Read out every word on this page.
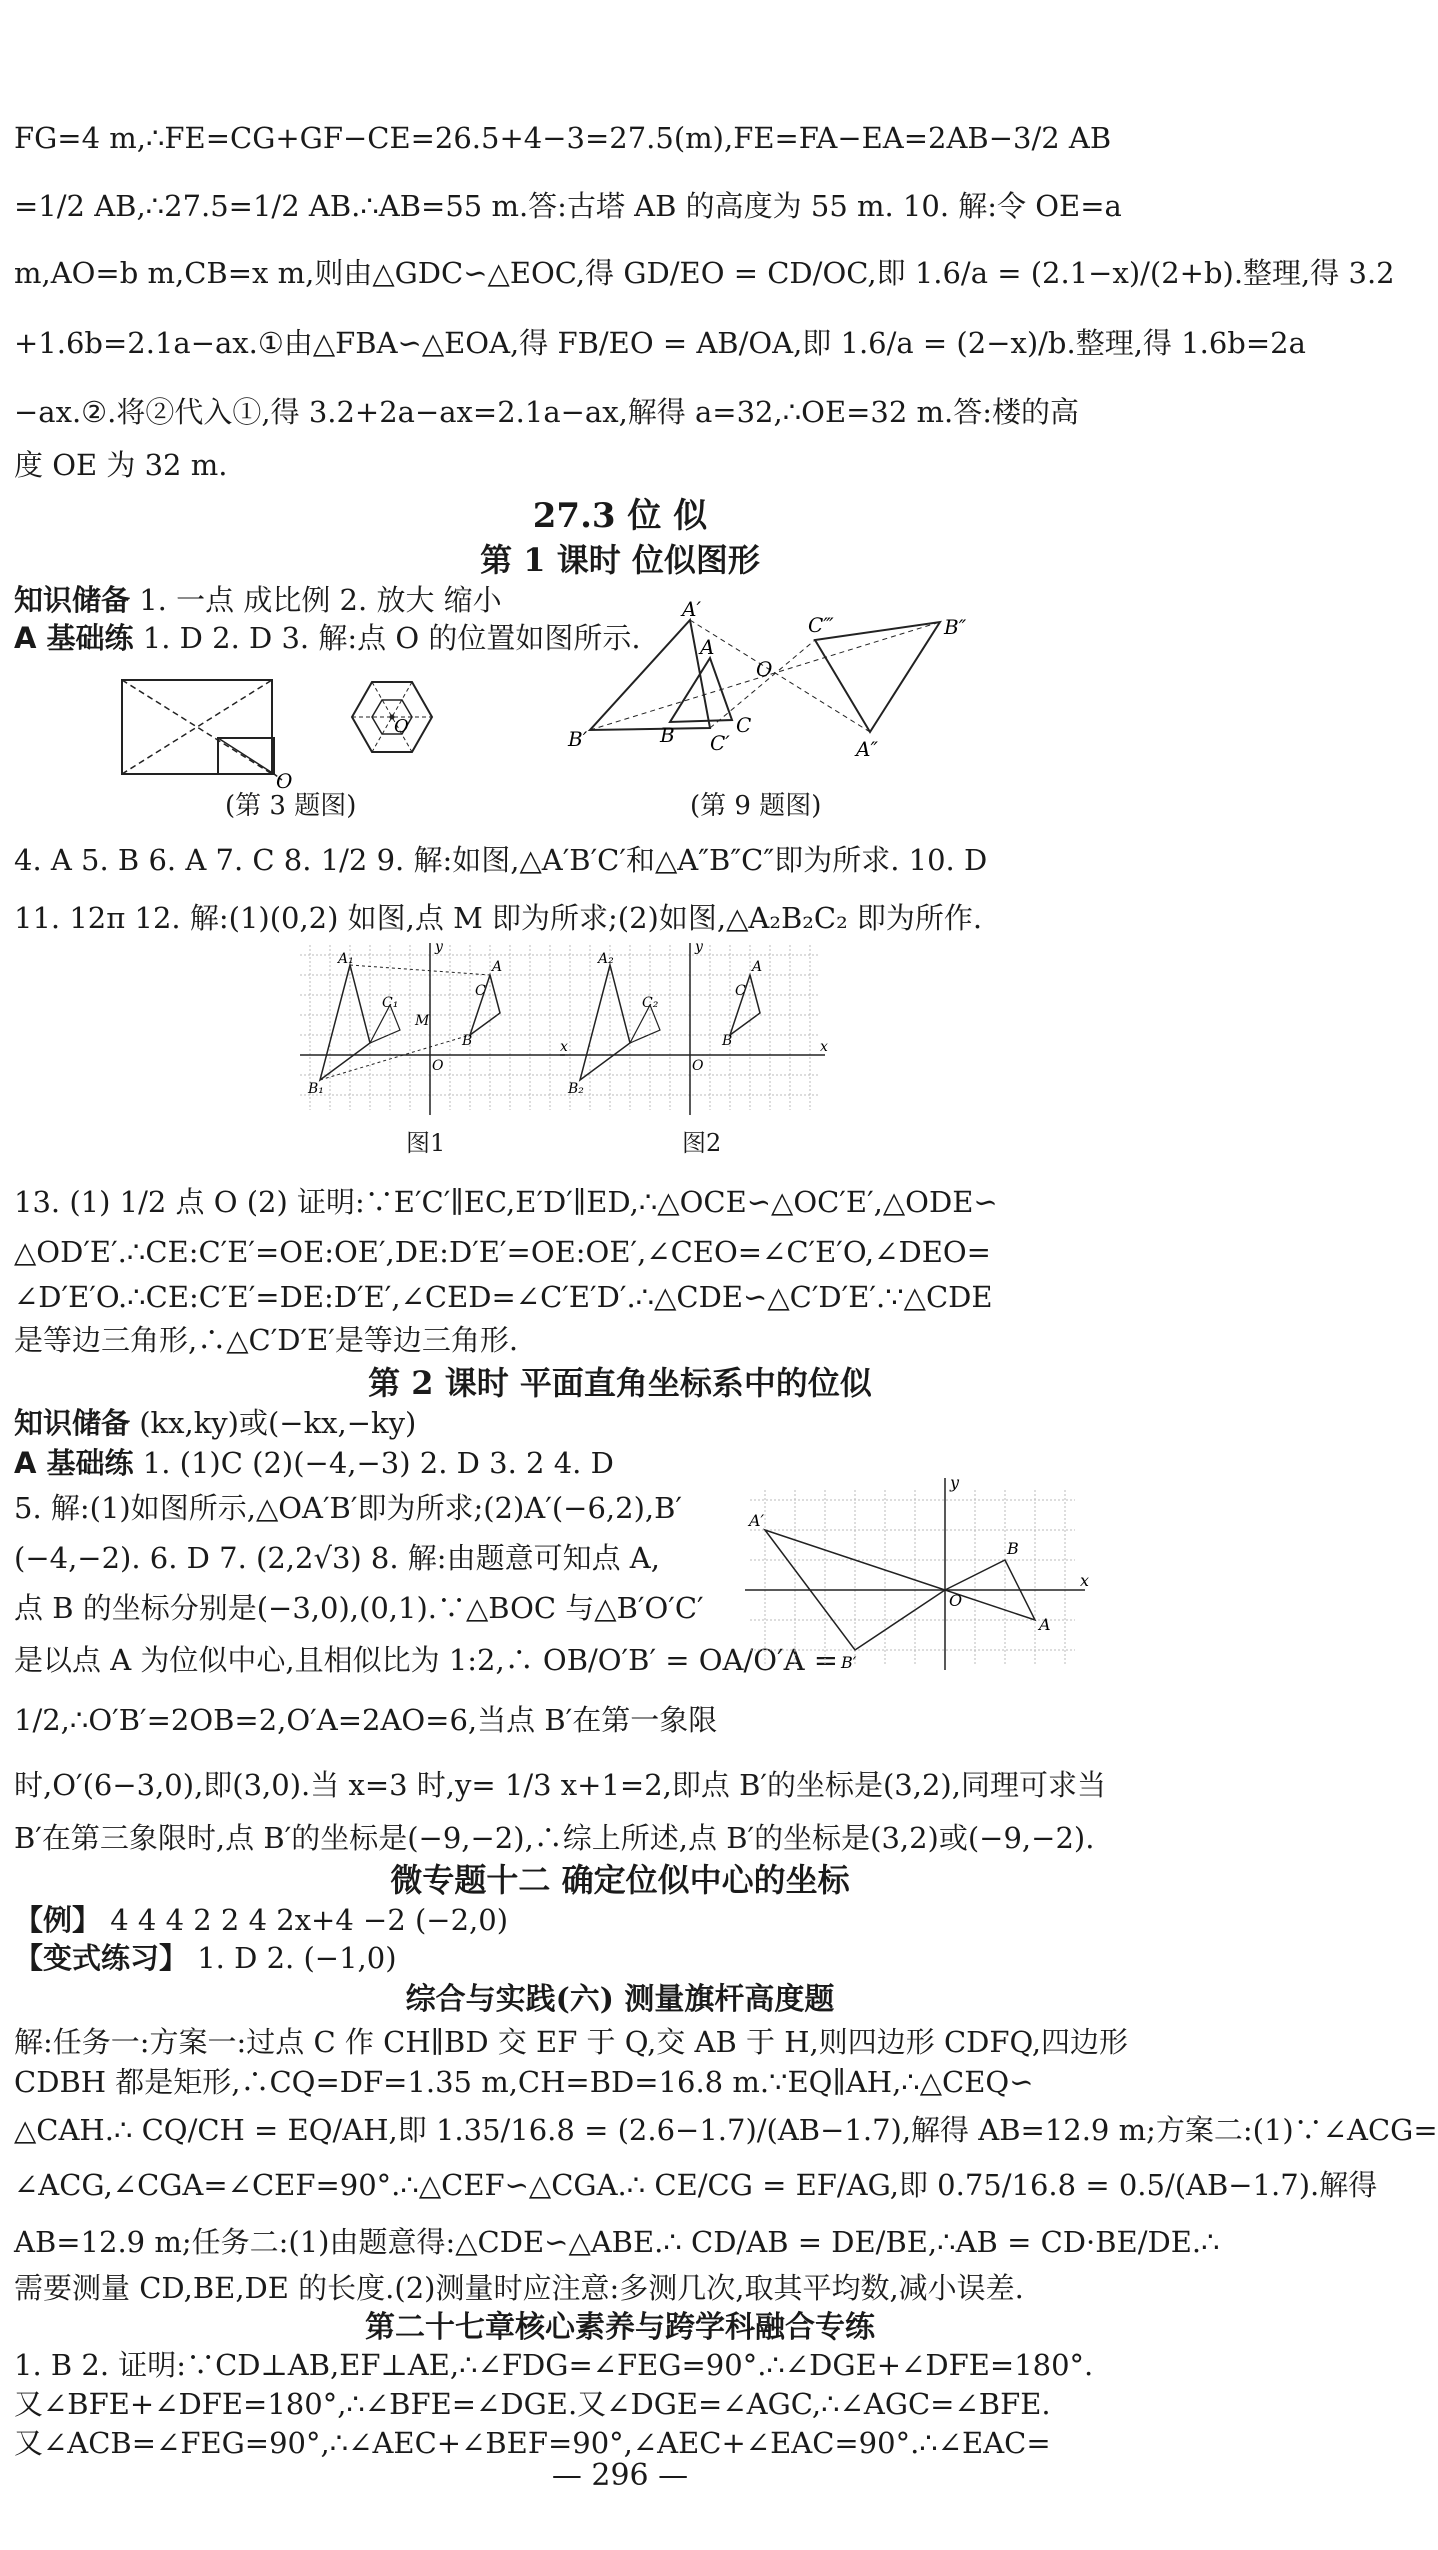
FG=4 m,∴FE=CG+GF−CE=26.5+4−3=27.5(m),FE=FA−EA=2AB−3/2 AB
=1/2 AB,∴27.5=1/2 AB.∴AB=55 m.答:古塔 AB 的高度为 55 m. 10. 解:令 OE=a
m,AO=b m,CB=x m,则由△GDC∽△EOC,得 GD/EO = CD/OC,即 1.6/a = (2.1−x)/(2+b).整理,得 3.2
+1.6b=2.1a−ax.①由△FBA∽△EOA,得 FB/EO = AB/OA,即 1.6/a = (2−x)/b.整理,得 1.6b=2a
−ax.②.将②代入①,得 3.2+2a−ax=2.1a−ax,解得 a=32,∴OE=32 m.答:楼的高
度 OE 为 32 m.
27.3 位 似
第 1 课时 位似图形
知识储备 1. 一点 成比例 2. 放大 缩小
A 基础练 1. D 2. D 3. 解:点 O 的位置如图所示.
O
O
(第 3 题图)
A′
C‴	B″
O
A
B′	B	C
C′	A″
(第 9 题图)
4. A 5. B 6. A 7. C 8. 1/2 9. 解:如图,△A′B′C′和△A″B″C″即为所求. 10. D
11. 12π 12. 解:(1)(0,2) 如图,点 M 即为所求;(2)如图,△A₂B₂C₂ 即为所作.
x
y
A₁	A
B
C
C₁
M
B₁
O
图1
x
y
A₂	A
B
C
C₂
B₂
O
图2
13. (1) 1/2 点 O (2) 证明:∵E′C′∥EC,E′D′∥ED,∴△OCE∽△OC′E′,△ODE∽
△OD′E′.∴CE:C′E′=OE:OE′,DE:D′E′=OE:OE′,∠CEO=∠C′E′O,∠DEO=
∠D′E′O.∴CE:C′E′=DE:D′E′,∠CED=∠C′E′D′.∴△CDE∽△C′D′E′.∵△CDE
是等边三角形,∴△C′D′E′是等边三角形.
第 2 课时 平面直角坐标系中的位似
知识储备 (kx,ky)或(−kx,−ky)
A 基础练 1. (1)C (2)(−4,−3) 2. D 3. 2 4. D
5. 解:(1)如图所示,△OA′B′即为所求;(2)A′(−6,2),B′
(−4,−2). 6. D 7. (2,2√3) 8. 解:由题意可知点 A,
点 B 的坐标分别是(−3,0),(0,1).∵△BOC 与△B′O′C′
是以点 A 为位似中心,且相似比为 1:2,∴ OB/O′B′ = OA/O′A =
1/2,∴O′B′=2OB=2,O′A=2AO=6,当点 B′在第一象限
x
y
A′
B
O
A
B′
时,O′(6−3,0),即(3,0).当 x=3 时,y= 1/3 x+1=2,即点 B′的坐标是(3,2),同理可求当
B′在第三象限时,点 B′的坐标是(−9,−2),∴综上所述,点 B′的坐标是(3,2)或(−9,−2).
微专题十二 确定位似中心的坐标
【例】 4 4 4 2 2 4 2x+4 −2 (−2,0)
【变式练习】 1. D 2. (−1,0)
综合与实践(六) 测量旗杆高度题
解:任务一:方案一:过点 C 作 CH∥BD 交 EF 于 Q,交 AB 于 H,则四边形 CDFQ,四边形
CDBH 都是矩形,∴CQ=DF=1.35 m,CH=BD=16.8 m.∵EQ∥AH,∴△CEQ∽
△CAH.∴ CQ/CH = EQ/AH,即 1.35/16.8 = (2.6−1.7)/(AB−1.7),解得 AB=12.9 m;方案二:(1)∵∠ACG=
∠ACG,∠CGA=∠CEF=90°.∴△CEF∽△CGA.∴ CE/CG = EF/AG,即 0.75/16.8 = 0.5/(AB−1.7).解得
AB=12.9 m;任务二:(1)由题意得:△CDE∽△ABE.∴ CD/AB = DE/BE,∴AB = CD·BE/DE.∴
需要测量 CD,BE,DE 的长度.(2)测量时应注意:多测几次,取其平均数,减小误差.
第二十七章核心素养与跨学科融合专练
1. B 2. 证明:∵CD⊥AB,EF⊥AE,∴∠FDG=∠FEG=90°.∴∠DGE+∠DFE=180°.
又∠BFE+∠DFE=180°,∴∠BFE=∠DGE.又∠DGE=∠AGC,∴∠AGC=∠BFE.
又∠ACB=∠FEG=90°,∴∠AEC+∠BEF=90°,∠AEC+∠EAC=90°.∴∠EAC=
— 296 —
